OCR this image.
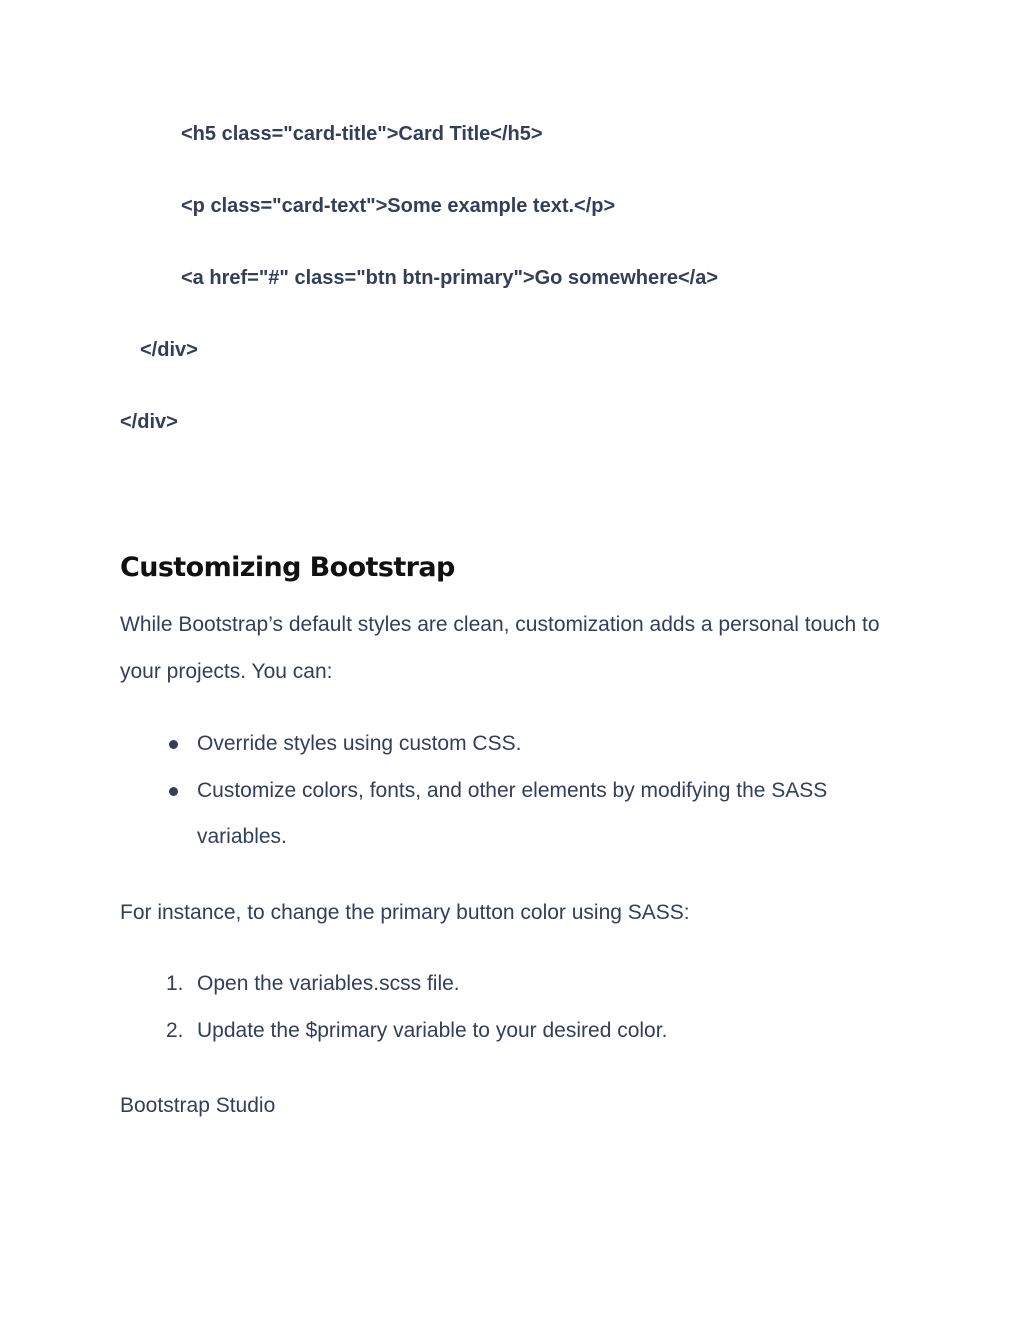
<h5 class="card-title">Card Title</h5>

<p class="card-text">Some example text.</p>

<a href="#" class="btn btn-primary">Go somewhere</a>

</div>

</div>

Customizing Bootstrap

While Bootstrap’s default styles are clean, customization adds a personal touch to your projects. You can:

Override styles using custom CSS.
Customize colors, fonts, and other elements by modifying the SASS variables.

For instance, to change the primary button color using SASS:

1. Open the variables.scss file.
2. Update the $primary variable to your desired color.

Bootstrap Studio
